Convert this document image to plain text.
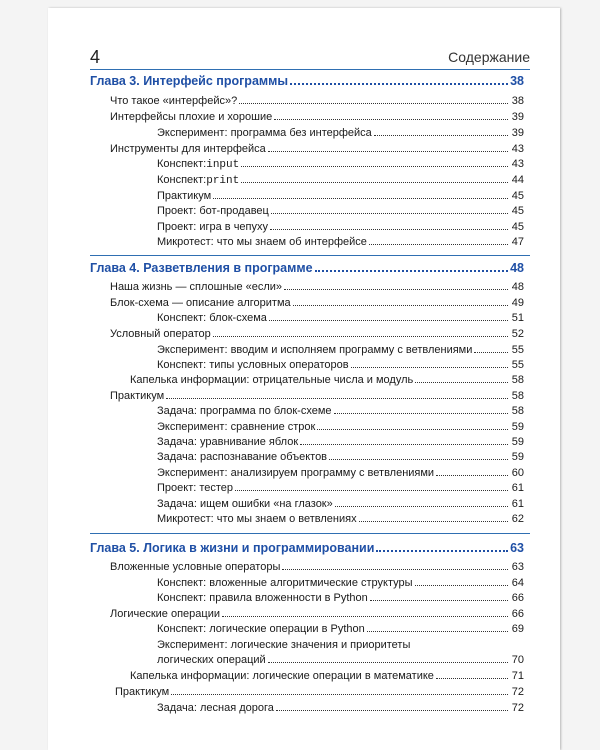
4	Содержание
Глава 3. Интерфейс программы	38
Что такое «интерфейс»?	38
Интерфейсы плохие и хорошие	39
Эксперимент: программа без интерфейса	39
Инструменты для интерфейса	43
Конспект: input	43
Конспект: print	44
Практикум	45
Проект: бот-продавец	45
Проект: игра в чепуху	45
Микротест: что мы знаем об интерфейсе	47
Глава 4. Разветвления в программе	48
Наша жизнь — сплошные «если»	48
Блок-схема — описание алгоритма	49
Конспект: блок-схема	51
Условный оператор	52
Эксперимент: вводим и исполняем программу с ветвлениями	55
Конспект: типы условных операторов	55
Капелька информации: отрицательные числа и модуль	58
Практикум	58
Задача: программа по блок-схеме	58
Эксперимент: сравнение строк	59
Задача: уравнивание яблок	59
Задача: распознавание объектов	59
Эксперимент: анализируем программу с ветвлениями	60
Проект: тестер	61
Задача: ищем ошибки «на глазок»	61
Микротест: что мы знаем о ветвлениях	62
Глава 5. Логика в жизни и программировании	63
Вложенные условные операторы	63
Конспект: вложенные алгоритмические структуры	64
Конспект: правила вложенности в Python	66
Логические операции	66
Конспект: логические операции в Python	69
Эксперимент: логические значения и приоритеты
логических операций	70
Капелька информации: логические операции в математике	71
Практикум	72
Задача: лесная дорога	72
